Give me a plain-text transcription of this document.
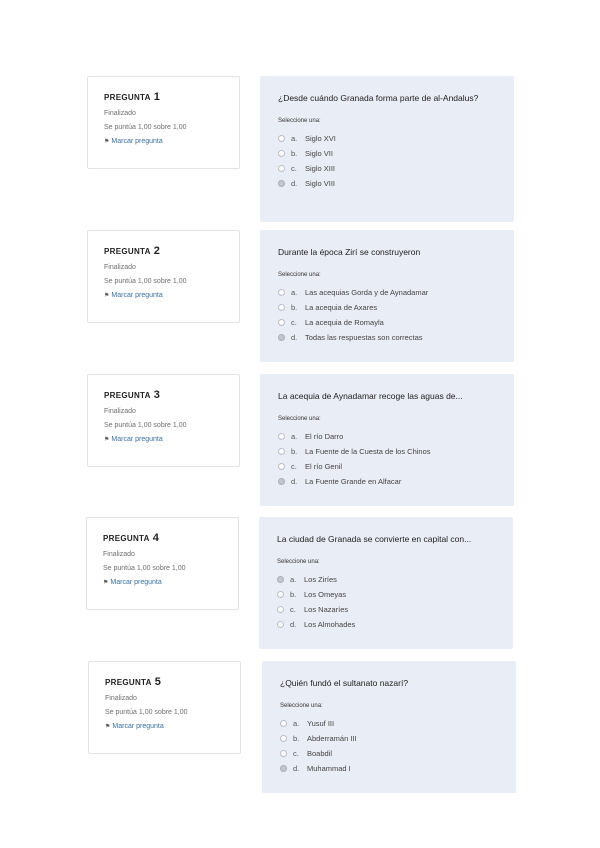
PREGUNTA 1
Finalizado
Se puntúa 1,00 sobre 1,00
⚑ Marcar pregunta
¿Desde cuándo Granada forma parte de al-Andalus?
Seleccione una:
a.	Siglo XVI
b.	Siglo VII
c.	Siglo XIII
d.	Siglo VIII
PREGUNTA 2
Finalizado
Se puntúa 1,00 sobre 1,00
⚑ Marcar pregunta
Durante la época Zirí se construyeron
Seleccione una:
a.	Las acequias Gorda y de Aynadamar
b.	La acequia de Axares
c.	La acequia de Romayla
d.	Todas las respuestas son correctas
PREGUNTA 3
Finalizado
Se puntúa 1,00 sobre 1,00
⚑ Marcar pregunta
La acequia de Aynadamar recoge las aguas de...
Seleccione una:
a.	El río Darro
b.	La Fuente de la Cuesta de los Chinos
c.	El río Genil
d.	La Fuente Grande en Alfacar
PREGUNTA 4
Finalizado
Se puntúa 1,00 sobre 1,00
⚑ Marcar pregunta
La ciudad de Granada se convierte en capital con...
Seleccione una:
a.	Los Ziríes
b.	Los Omeyas
c.	Los Nazaríes
d.	Los Almohades
PREGUNTA 5
Finalizado
Se puntúa 1,00 sobre 1,00
⚑ Marcar pregunta
¿Quién fundó el sultanato nazarí?
Seleccione una:
a.	Yusuf III
b.	Abderramán III
c.	Boabdil
d.	Muhammad I
